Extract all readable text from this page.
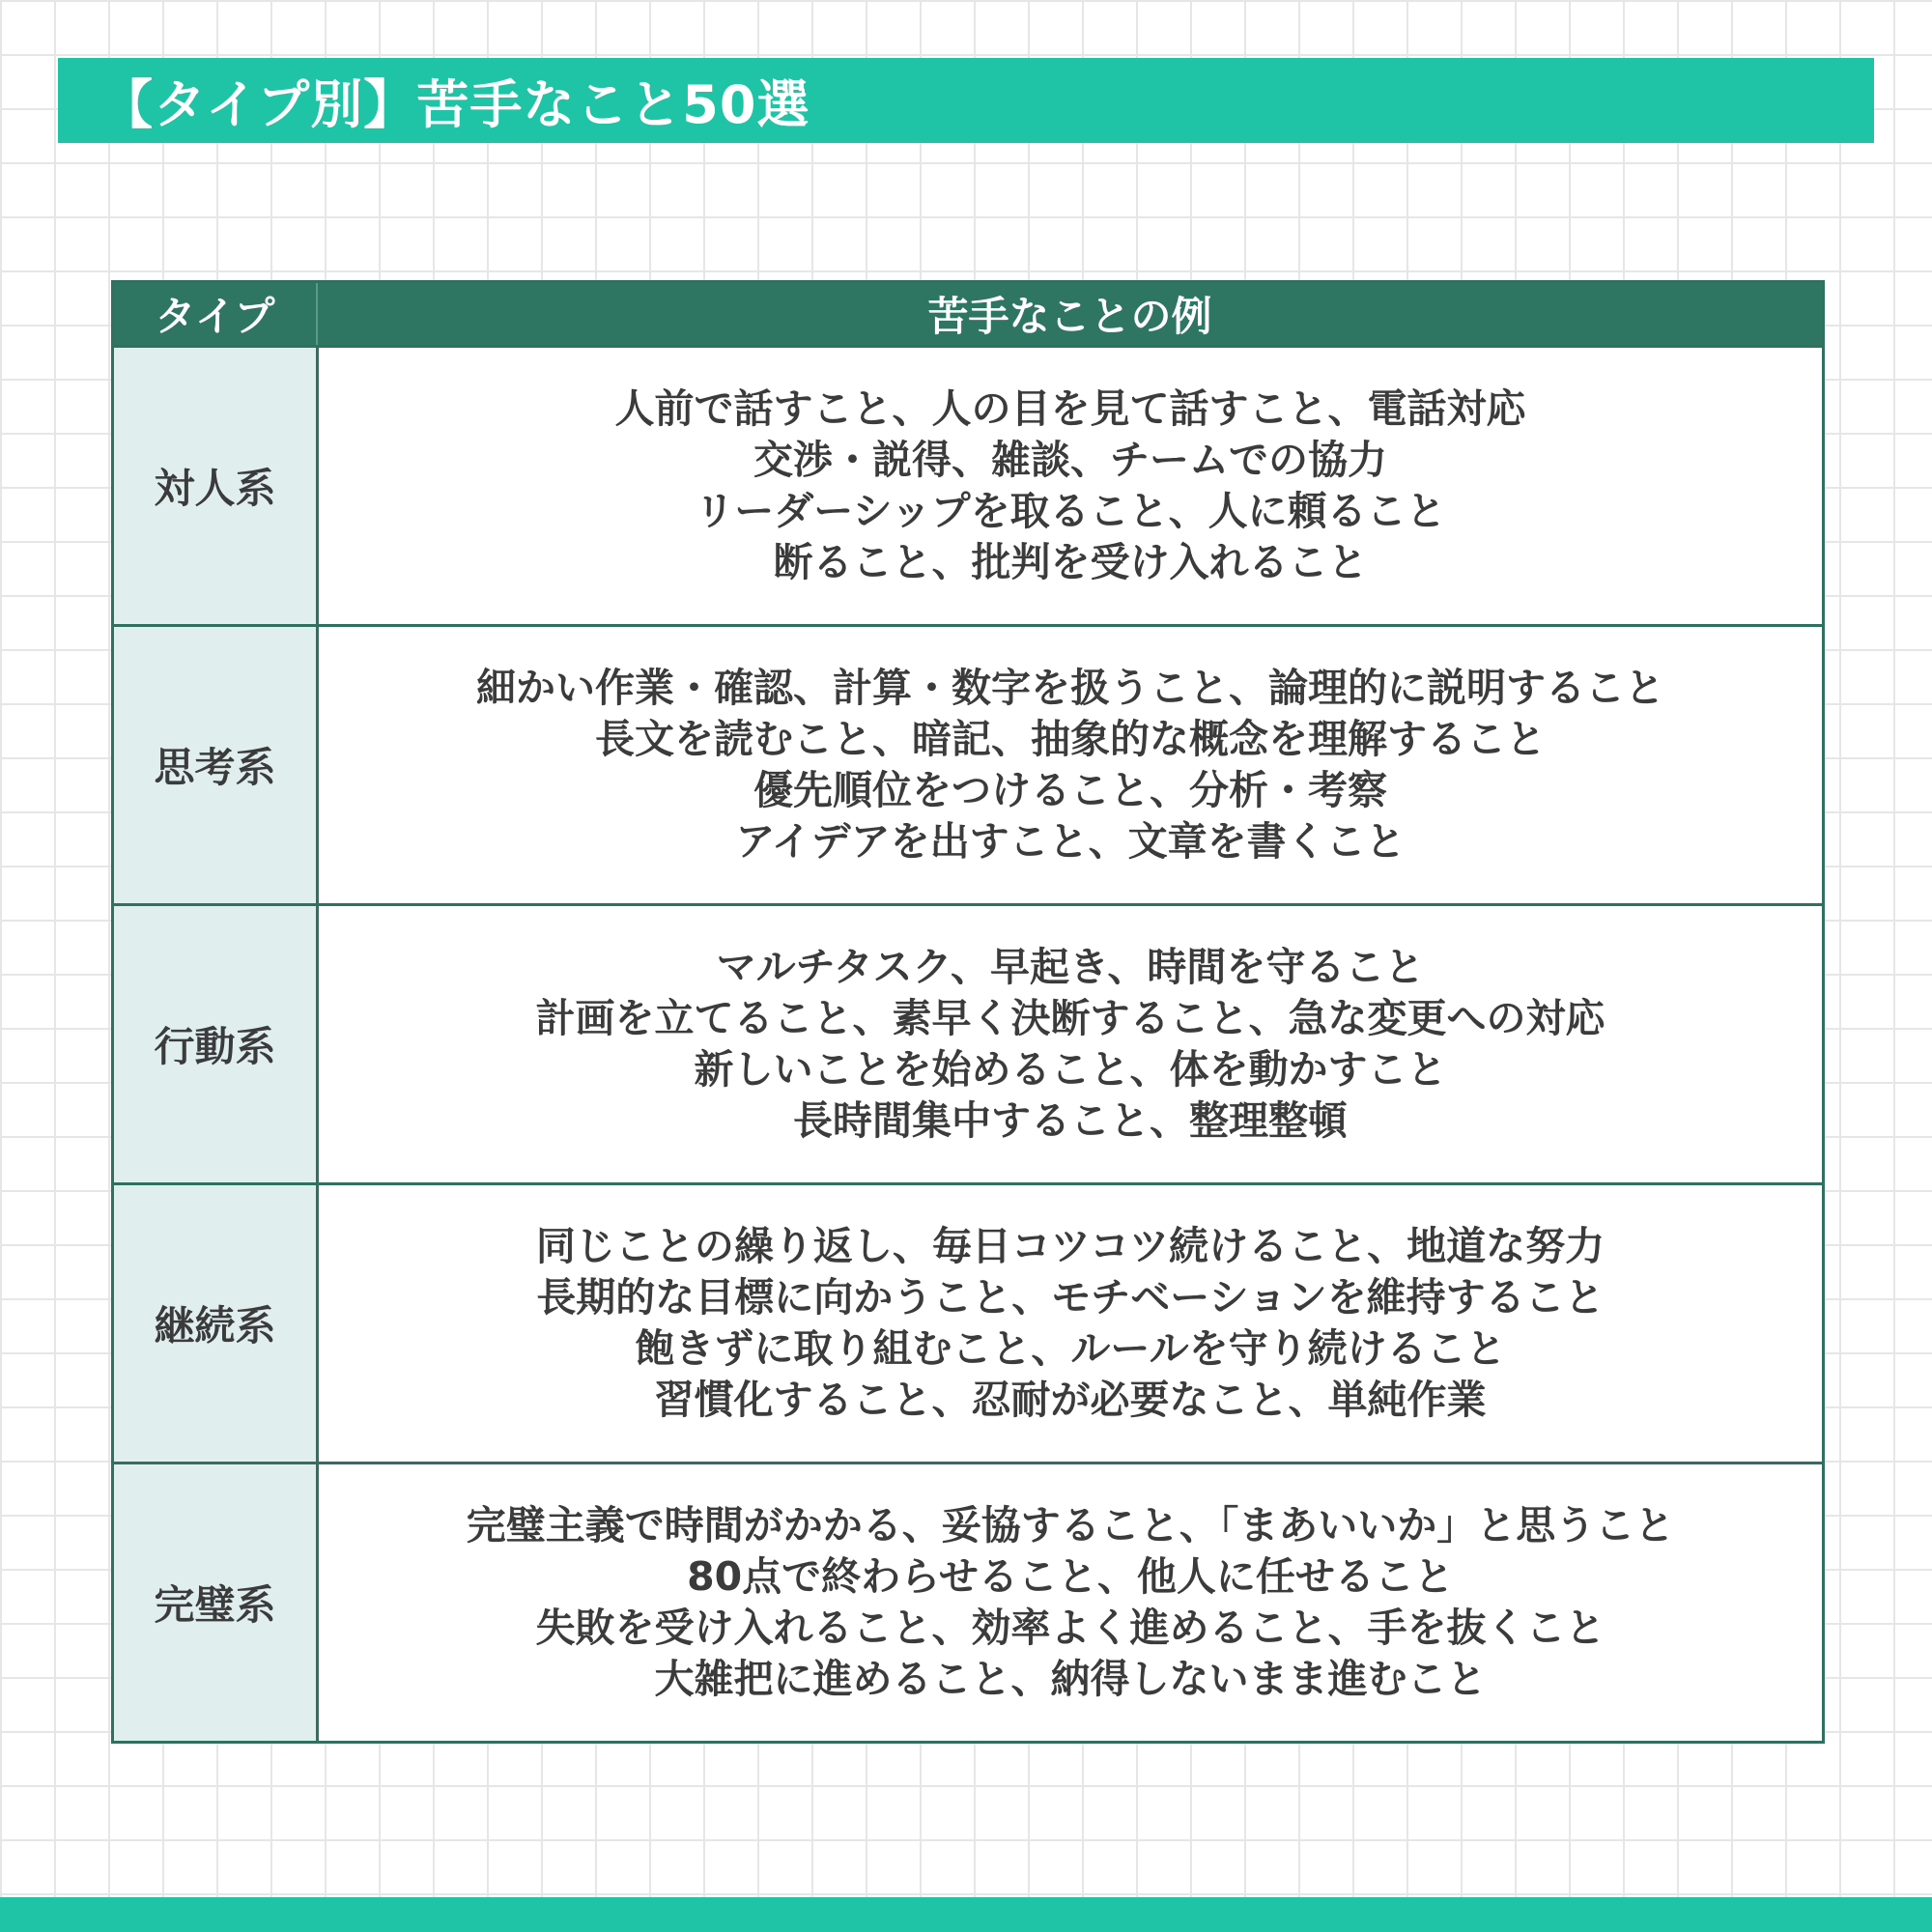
【タイプ別】苦手なこと50選
タイプ	苦手なことの例
対人系
人前で話すこと、人の目を見て話すこと、電話対応
交渉・説得、雑談、チームでの協力
リーダーシップを取ること、人に頼ること
断ること、批判を受け入れること
思考系
細かい作業・確認、計算・数字を扱うこと、論理的に説明すること
長文を読むこと、暗記、抽象的な概念を理解すること
優先順位をつけること、分析・考察
アイデアを出すこと、文章を書くこと
行動系
マルチタスク、早起き、時間を守ること
計画を立てること、素早く決断すること、急な変更への対応
新しいことを始めること、体を動かすこと
長時間集中すること、整理整頓
継続系
同じことの繰り返し、毎日コツコツ続けること、地道な努力
長期的な目標に向かうこと、モチベーションを維持すること
飽きずに取り組むこと、ルールを守り続けること
習慣化すること、忍耐が必要なこと、単純作業
完璧系
完璧主義で時間がかかる、妥協すること、「まあいいか」と思うこと
80点で終わらせること、他人に任せること
失敗を受け入れること、効率よく進めること、手を抜くこと
大雑把に進めること、納得しないまま進むこと
